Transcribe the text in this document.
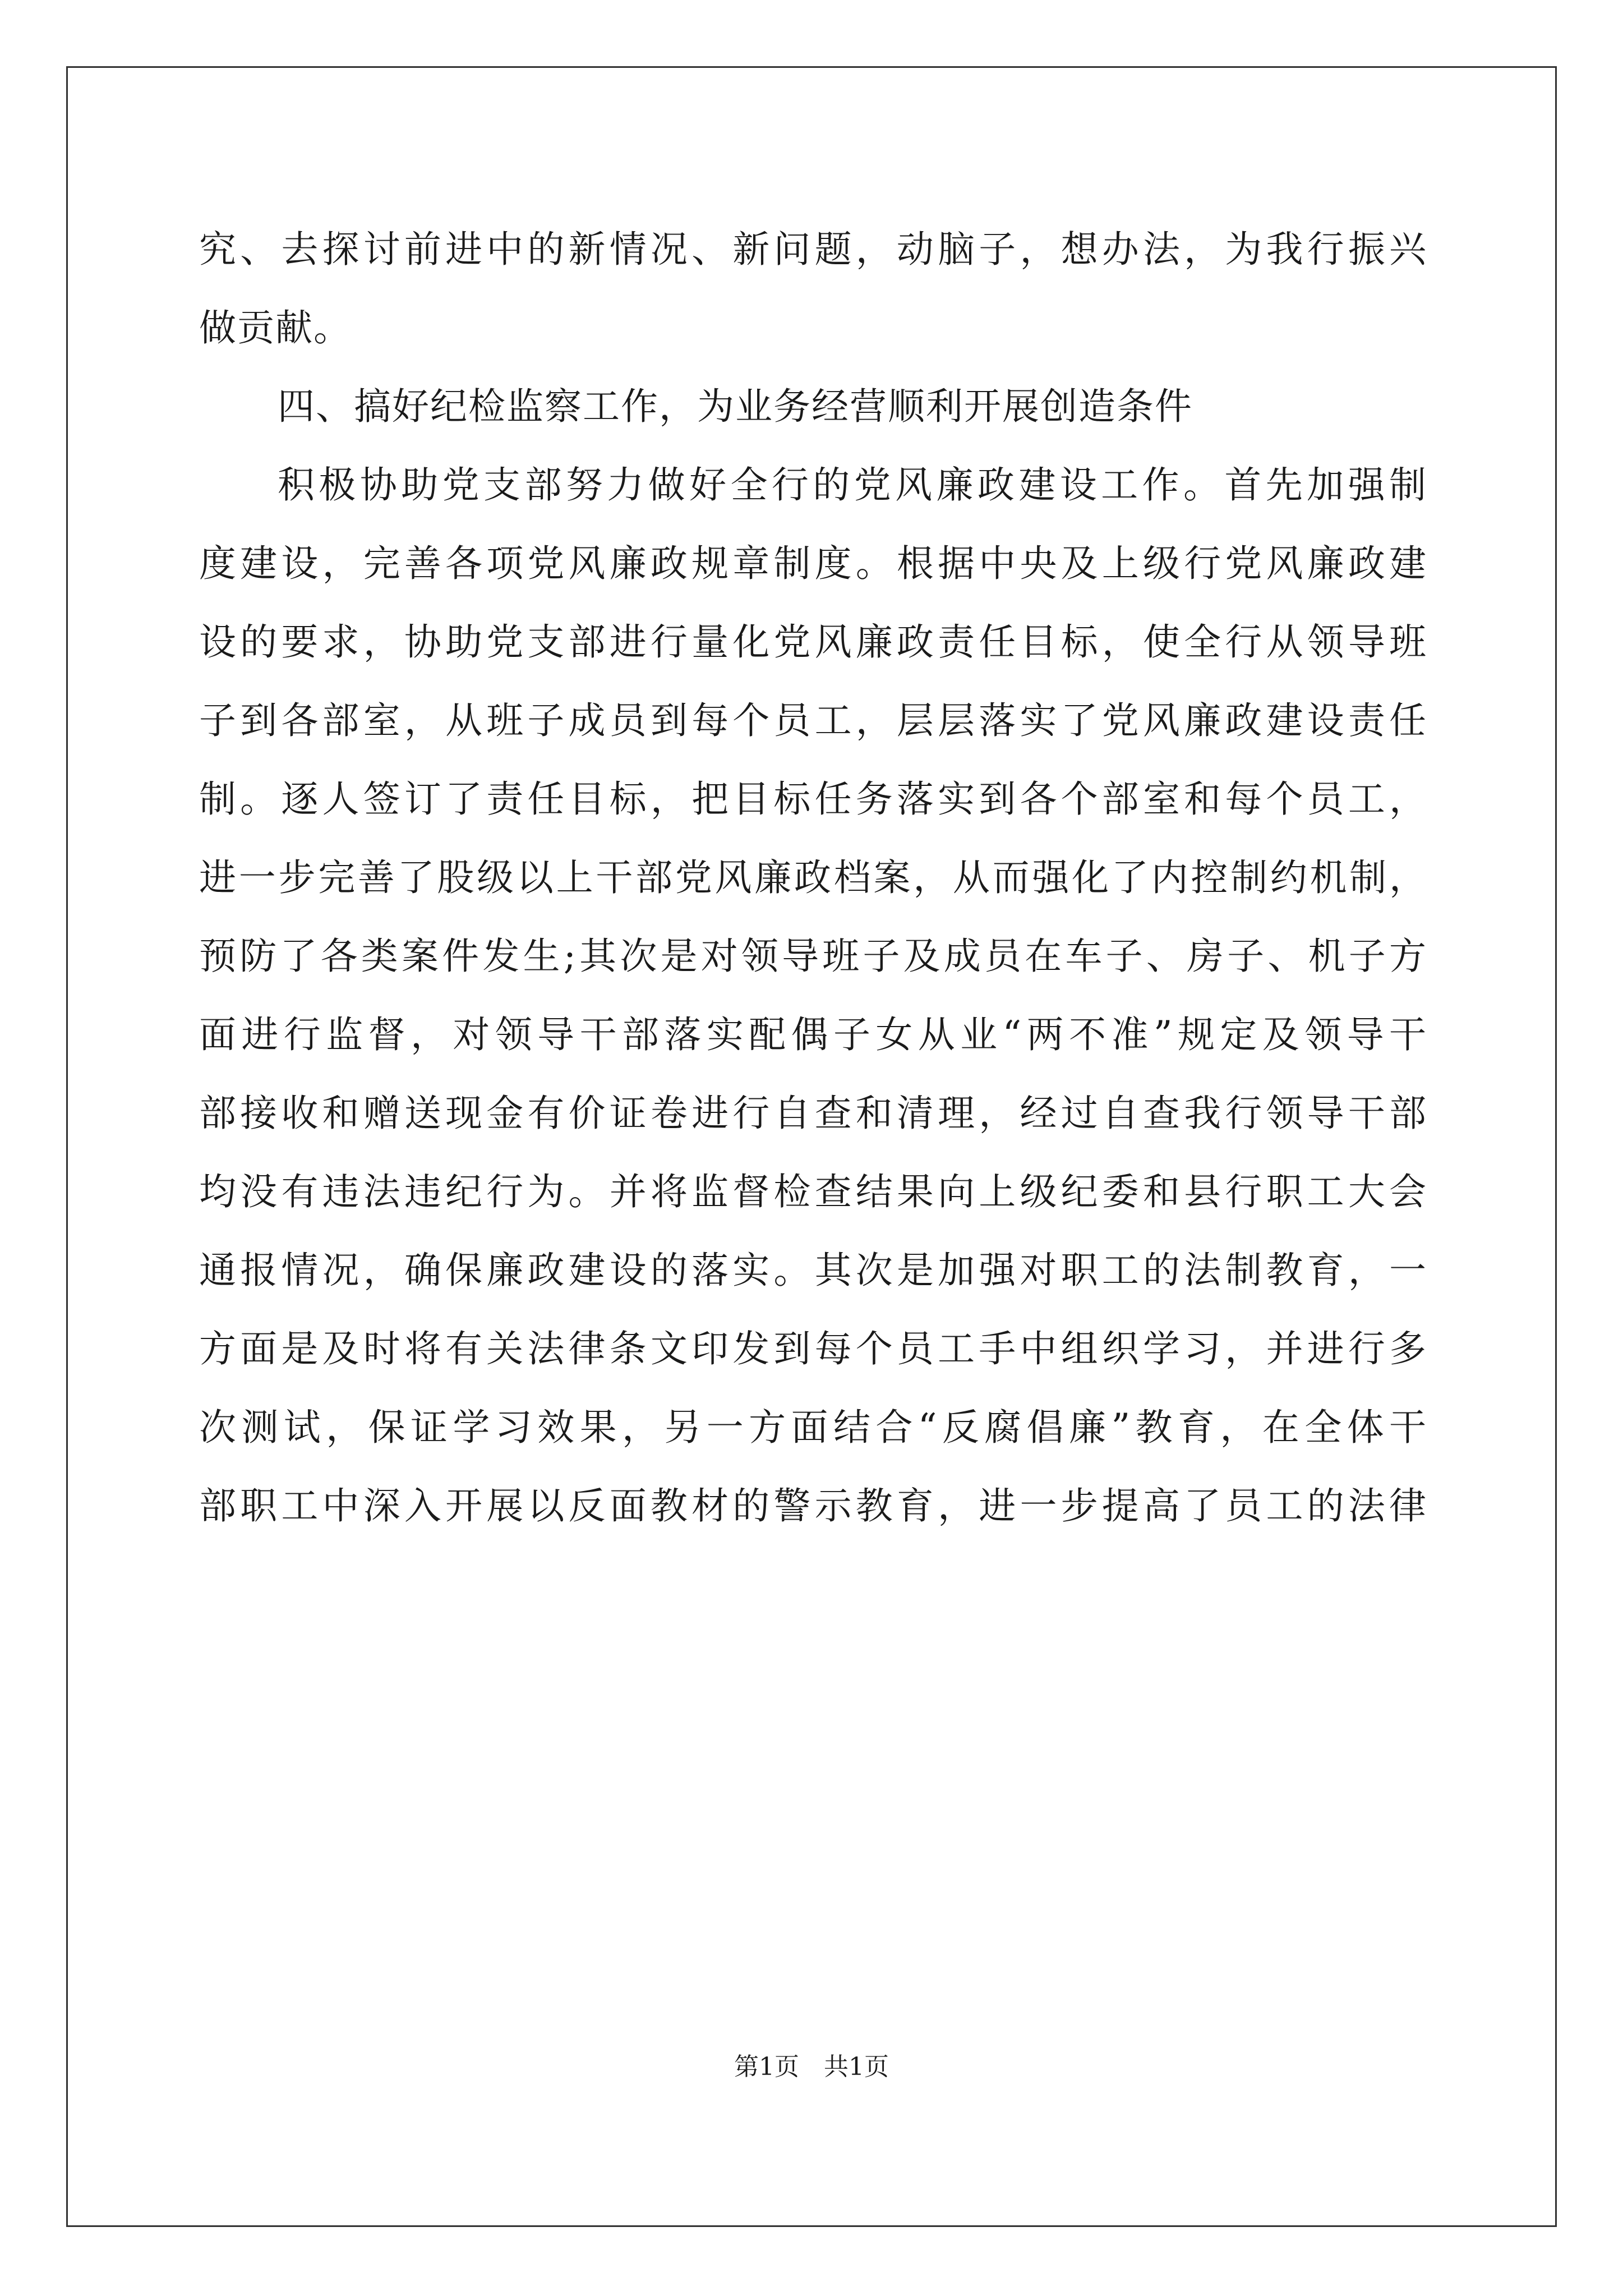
究、去探讨前进中的新情况、新问题，动脑子，想办法，为我行振兴
做贡献。
四、搞好纪检监察工作，为业务经营顺利开展创造条件
积极协助党支部努力做好全行的党风廉政建设工作。首先加强制
度建设，完善各项党风廉政规章制度。根据中央及上级行党风廉政建
设的要求，协助党支部进行量化党风廉政责任目标，使全行从领导班
子到各部室，从班子成员到每个员工，层层落实了党风廉政建设责任
制。逐人签订了责任目标，把目标任务落实到各个部室和每个员工，
进一步完善了股级以上干部党风廉政档案，从而强化了内控制约机制，
预防了各类案件发生;其次是对领导班子及成员在车子、房子、机子方
面进行监督，对领导干部落实配偶子女从业“两不准”规定及领导干
部接收和赠送现金有价证卷进行自查和清理，经过自查我行领导干部
均没有违法违纪行为。并将监督检查结果向上级纪委和县行职工大会
通报情况，确保廉政建设的落实。其次是加强对职工的法制教育，一
方面是及时将有关法律条文印发到每个员工手中组织学习，并进行多
次测试，保证学习效果，另一方面结合“反腐倡廉”教育，在全体干
部职工中深入开展以反面教材的警示教育，进一步提高了员工的法律
第1页　共1页
